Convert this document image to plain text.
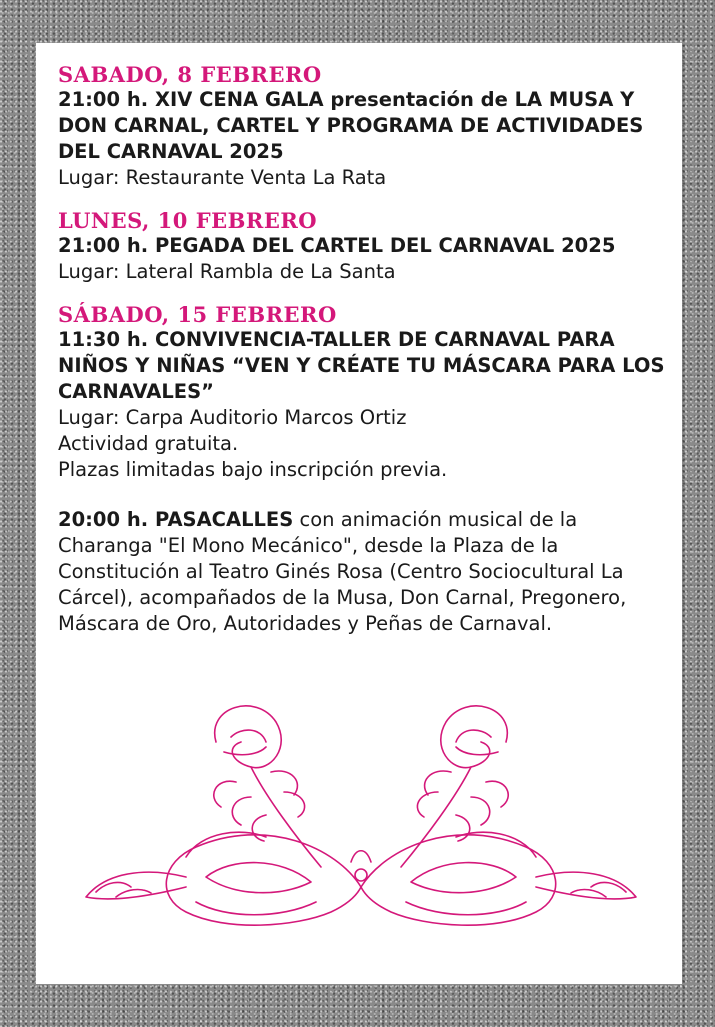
SABADO, 8 FEBRERO

21:00 h. XIV CENA GALA presentación de LA MUSA Y DON CARNAL, CARTEL Y PROGRAMA DE ACTIVIDADES DEL CARNAVAL 2025

Lugar: Restaurante Venta La Rata

LUNES, 10 FEBRERO

21:00 h. PEGADA DEL CARTEL DEL CARNAVAL 2025

Lugar: Lateral Rambla de La Santa

SÁBADO, 15 FEBRERO

11:30 h. CONVIVENCIA-TALLER DE CARNAVAL PARA NIÑOS Y NIÑAS “VEN Y CRÉATE TU MÁSCARA PARA LOS CARNAVALES”

Lugar: Carpa Auditorio Marcos Ortiz

Actividad gratuita.

Plazas limitadas bajo inscripción previa.

20:00 h. PASACALLES con animación musical de la Charanga "El Mono Mecánico", desde la Plaza de la Constitución al Teatro Ginés Rosa (Centro Sociocultural La Cárcel), acompañados de la Musa, Don Carnal, Pregonero, Máscara de Oro, Autoridades y Peñas de Carnaval.
